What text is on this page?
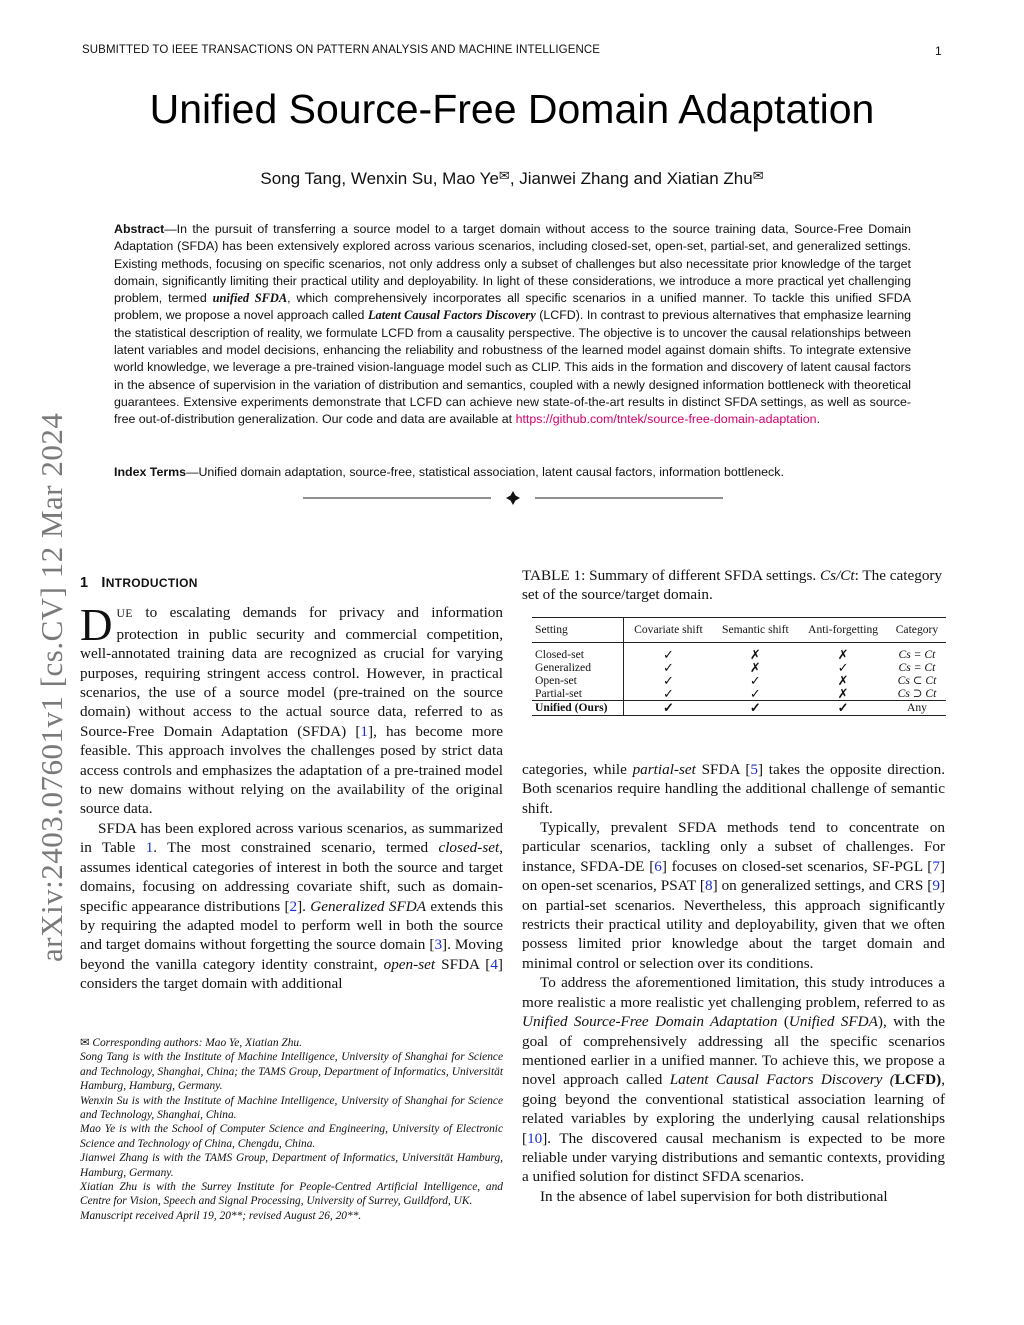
SUBMITTED TO IEEE TRANSACTIONS ON PATTERN ANALYSIS AND MACHINE INTELLIGENCE	1
Unified Source-Free Domain Adaptation
Song Tang, Wenxin Su, Mao Ye✉, Jianwei Zhang and Xiatian Zhu✉
Abstract—In the pursuit of transferring a source model to a target domain without access to the source training data, Source-Free Domain Adaptation (SFDA) has been extensively explored across various scenarios, including closed-set, open-set, partial-set, and generalized settings. Existing methods, focusing on specific scenarios, not only address only a subset of challenges but also necessitate prior knowledge of the target domain, significantly limiting their practical utility and deployability. In light of these considerations, we introduce a more practical yet challenging problem, termed unified SFDA, which comprehensively incorporates all specific scenarios in a unified manner. To tackle this unified SFDA problem, we propose a novel approach called Latent Causal Factors Discovery (LCFD). In contrast to previous alternatives that emphasize learning the statistical description of reality, we formulate LCFD from a causality perspective. The objective is to uncover the causal relationships between latent variables and model decisions, enhancing the reliability and robustness of the learned model against domain shifts. To integrate extensive world knowledge, we leverage a pre-trained vision-language model such as CLIP. This aids in the formation and discovery of latent causal factors in the absence of supervision in the variation of distribution and semantics, coupled with a newly designed information bottleneck with theoretical guarantees. Extensive experiments demonstrate that LCFD can achieve new state-of-the-art results in distinct SFDA settings, as well as source-free out-of-distribution generalization. Our code and data are available at https://github.com/tntek/source-free-domain-adaptation.
Index Terms—Unified domain adaptation, source-free, statistical association, latent causal factors, information bottleneck.
arXiv:2403.07601v1 [cs.CV] 12 Mar 2024 1 INTRODUCTION

DUE to escalating demands for privacy and information protection in public security and commercial competition, well-annotated training data are recognized as crucial for varying purposes, requiring stringent access control. However, in practical scenarios, the use of a source model (pre-trained on the source domain) without access to the actual source data, referred to as Source-Free Domain Adaptation (SFDA) [1], has become more feasible. This approach involves the challenges posed by strict data access controls and emphasizes the adaptation of a pre-trained model to new domains without relying on the availability of the original source data.

SFDA has been explored across various scenarios, as summarized in Table 1. The most constrained scenario, termed closed-set, assumes identical categories of interest in both the source and target domains, focusing on addressing covariate shift, such as domain-specific appearance distributions [2]. Generalized SFDA extends this by requiring the adapted model to perform well in both the source and target domains without forgetting the source domain [3]. Moving beyond the vanilla category identity constraint, open-set SFDA [4] considers the target domain with additional

✉ Corresponding authors: Mao Ye, Xiatian Zhu.

Song Tang is with the Institute of Machine Intelligence, University of Shanghai for Science and Technology, Shanghai, China; the TAMS Group, Department of Informatics, Universität Hamburg, Hamburg, Germany.

Wenxin Su is with the Institute of Machine Intelligence, University of Shanghai for Science and Technology, Shanghai, China.

Mao Ye is with the School of Computer Science and Engineering, University of Electronic Science and Technology of China, Chengdu, China.

Jianwei Zhang is with the TAMS Group, Department of Informatics, Universität Hamburg, Hamburg, Germany.

Xiatian Zhu is with the Surrey Institute for People-Centred Artificial Intelligence, and Centre for Vision, Speech and Signal Processing, University of Surrey, Guildford, UK.

Manuscript received April 19, 20**; revised August 26, 20**.

TABLE 1: Summary of different SFDA settings. Cs/Ct: The category set of the source/target domain.

Setting	Covariate shift	Semantic shift	Anti-forgetting	Category
Closed-set	✓	✗	✗	Cs = Ct
Generalized	✓	✗	✓	Cs = Ct
Open-set	✓	✓	✗	Cs ⊂ Ct
Partial-set	✓	✓	✗	Cs ⊃ Ct
Unified (Ours)	✓	✓	✓	Any

categories, while partial-set SFDA [5] takes the opposite direction. Both scenarios require handling the additional challenge of semantic shift.

Typically, prevalent SFDA methods tend to concentrate on particular scenarios, tackling only a subset of challenges. For instance, SFDA-DE [6] focuses on closed-set scenarios, SF-PGL [7] on open-set scenarios, PSAT [8] on generalized settings, and CRS [9] on partial-set scenarios. Nevertheless, this approach significantly restricts their practical utility and deployability, given that we often possess limited prior knowledge about the target domain and minimal control or selection over its conditions.

To address the aforementioned limitation, this study introduces a more realistic a more realistic yet challenging problem, referred to as Unified Source-Free Domain Adaptation (Unified SFDA), with the goal of comprehensively addressing all the specific scenarios mentioned earlier in a unified manner. To achieve this, we propose a novel approach called Latent Causal Factors Discovery (LCFD), going beyond the conventional statistical association learning of related variables by exploring the underlying causal relationships [10]. The discovered causal mechanism is expected to be more reliable under varying distributions and semantic contexts, providing a unified solution for distinct SFDA scenarios.

In the absence of label supervision for both distributional
